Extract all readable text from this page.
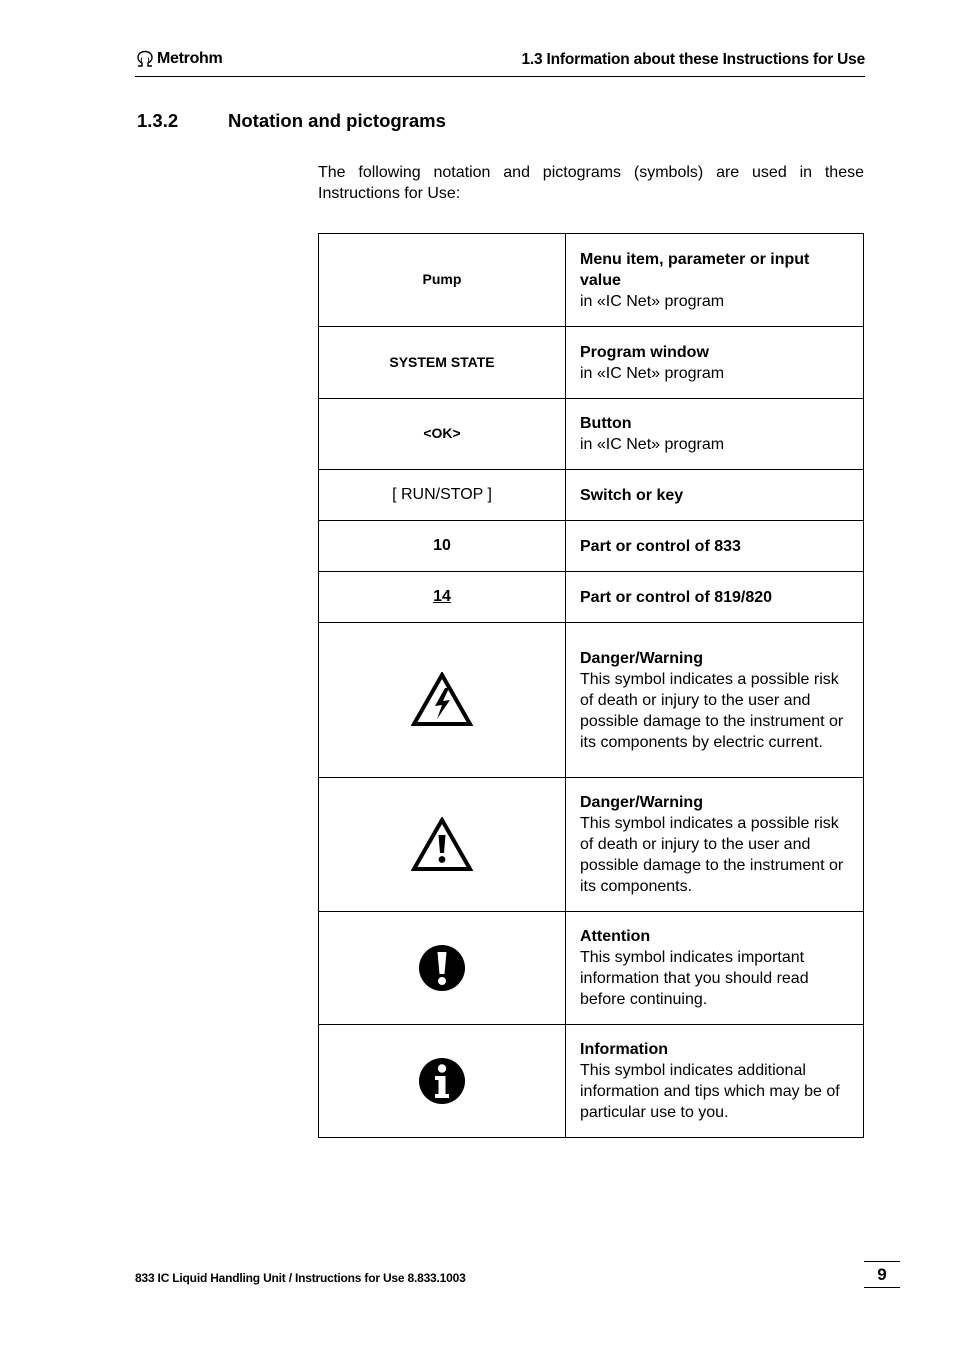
Metrohm	1.3 Information about these Instructions for Use
1.3.2	Notation and pictograms
The following notation and pictograms (symbols) are used in these Instructions for Use:
Pump	Menu item, parameter or input value
in «IC Net» program

SYSTEM STATE	Program window
in «IC Net» program

<OK>	Button
in «IC Net» program

[ RUN/STOP ]	Switch or key

10	Part or control of 833

14	Part or control of 819/820

Danger/Warning
This symbol indicates a possible risk of death or injury to the user and possible damage to the instrument or its components by electric current.

Danger/Warning
This symbol indicates a possible risk of death or injury to the user and possible damage to the instrument or its components.

Attention
This symbol indicates important information that you should read before continuing.

Information
This symbol indicates additional information and tips which may be of particular use to you.
833 IC Liquid Handling Unit / Instructions for Use 8.833.1003	9
